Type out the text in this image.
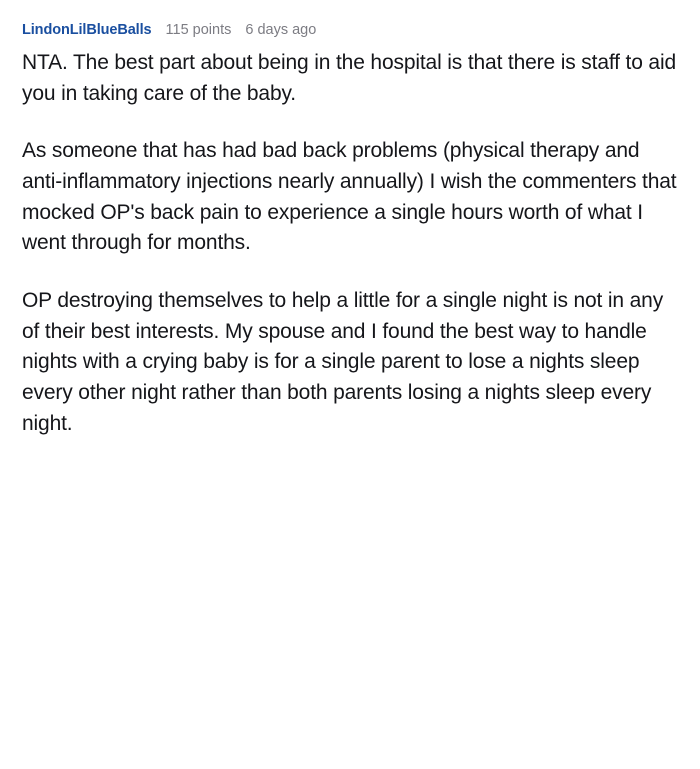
LindonLilBlueBalls 115 points 6 days ago

NTA. The best part about being in the hospital is that there is staff to aid you in taking care of the baby.

As someone that has had bad back problems (physical therapy and anti-inflammatory injections nearly annually) I wish the commenters that mocked OP's back pain to experience a single hours worth of what I went through for months.

OP destroying themselves to help a little for a single night is not in any of their best interests. My spouse and I found the best way to handle nights with a crying baby is for a single parent to lose a nights sleep every other night rather than both parents losing a nights sleep every night.
